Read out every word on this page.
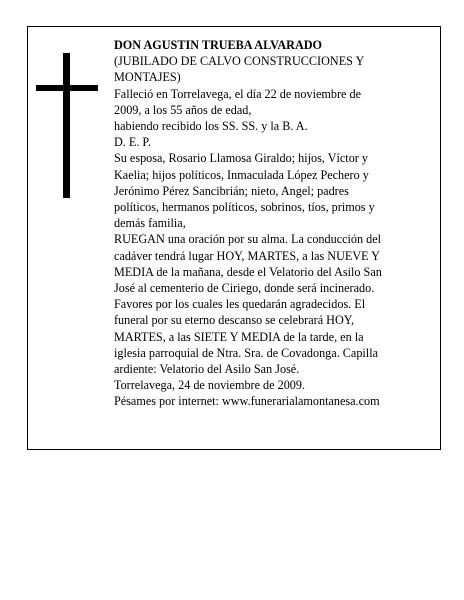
DON AGUSTIN TRUEBA ALVARADO
(JUBILADO DE CALVO CONSTRUCCIONES Y
MONTAJES)
Falleció en Torrelavega, el día 22 de noviembre de
2009, a los 55 años de edad,
habiendo recibido los SS. SS. y la B. A.
D. E. P.
Su esposa, Rosario Llamosa Giraldo; hijos, Víctor y
Kaelia; hijos políticos, Inmaculada López Pechero y
Jerónimo Pérez Sancibrián; nieto, Angel; padres
políticos, hermanos políticos, sobrinos, tíos, primos y
demás familia,
RUEGAN una oración por su alma. La conducción del
cadáver tendrá lugar HOY, MARTES, a las NUEVE Y
MEDIA de la mañana, desde el Velatorio del Asilo San
José al cementerio de Ciriego, donde será incinerado.
Favores por los cuales les quedarán agradecidos. El
funeral por su eterno descanso se celebrará HOY,
MARTES, a las SIETE Y MEDIA de la tarde, en la
iglesia parroquial de Ntra. Sra. de Covadonga. Capilla
ardiente: Velatorio del Asilo San José.
Torrelavega, 24 de noviembre de 2009.
Pésames por internet: www.funerarialamontanesa.com
